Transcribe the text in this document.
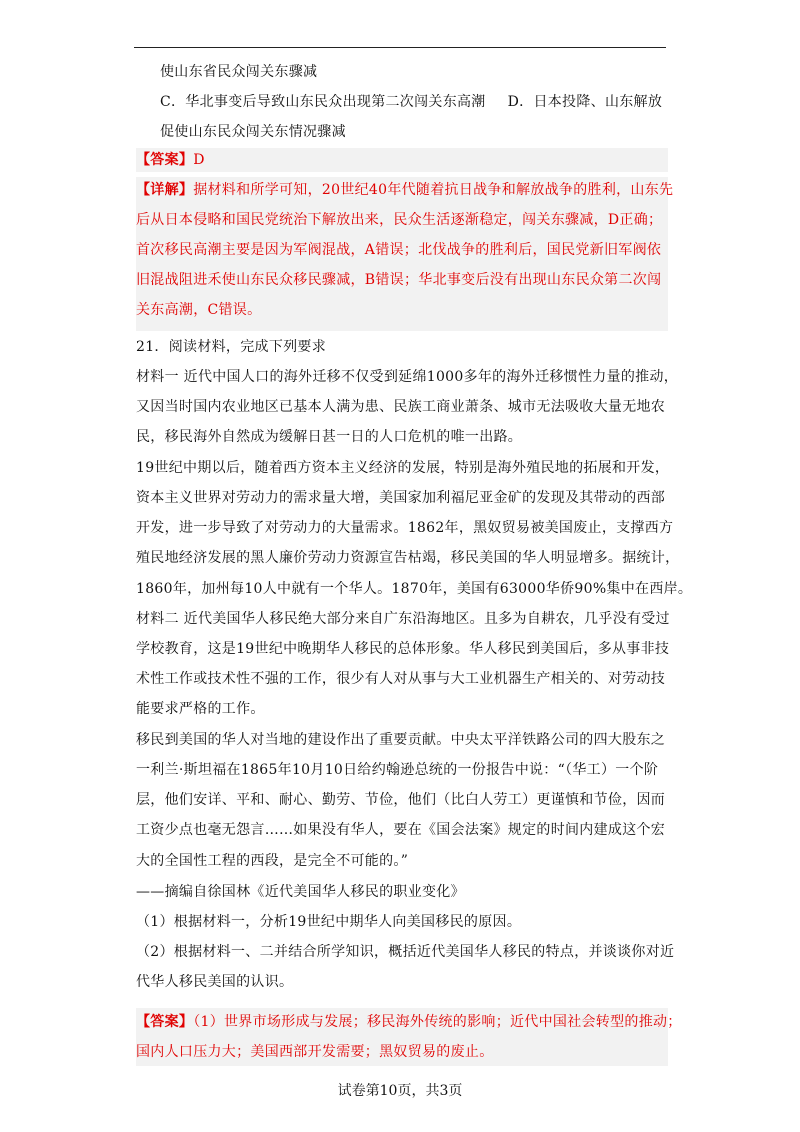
使山东省民众闯关东骤减
C．华北事变后导致山东民众出现第二次闯关东高潮 D．日本投降、山东解放
促使山东民众闯关东情况骤减
【答案】D
【详解】据材料和所学可知，20世纪40年代随着抗日战争和解放战争的胜利，山东先
后从日本侵略和国民党统治下解放出来，民众生活逐渐稳定，闯关东骤减，D正确；
首次移民高潮主要是因为军阀混战，A错误；北伐战争的胜利后，国民党新旧军阀依
旧混战阻进禾使山东民众移民骤减，B错误；华北事变后没有出现山东民众第二次闯
关东高潮，C错误。
21．阅读材料，完成下列要求
材料一 近代中国人口的海外迁移不仅受到延绵1000多年的海外迁移惯性力量的推动，
又因当时国内农业地区已基本人满为患、民族工商业萧条、城市无法吸收大量无地农
民，移民海外自然成为缓解日甚一日的人口危机的唯一出路。
19世纪中期以后，随着西方资本主义经济的发展，特别是海外殖民地的拓展和开发，
资本主义世界对劳动力的需求量大增，美国家加利福尼亚金矿的发现及其带动的西部
开发，进一步导致了对劳动力的大量需求。1862年，黑奴贸易被美国废止，支撑西方
殖民地经济发展的黑人廉价劳动力资源宣告枯竭，移民美国的华人明显增多。据统计，
1860年，加州每10人中就有一个华人。1870年，美国有63000华侨90%集中在西岸。
材料二 近代美国华人移民绝大部分来自广东沿海地区。且多为自耕农，几乎没有受过
学校教育，这是19世纪中晚期华人移民的总体形象。华人移民到美国后，多从事非技
术性工作或技术性不强的工作，很少有人对从事与大工业机器生产相关的、对劳动技
能要求严格的工作。
移民到美国的华人对当地的建设作出了重要贡献。中央太平洋铁路公司的四大股东之
一利兰·斯坦福在1865年10月10日给约翰逊总统的一份报告中说：“（华工）一个阶
层，他们安详、平和、耐心、勤劳、节俭，他们（比白人劳工）更谨慎和节俭，因而
工资少点也毫无怨言……如果没有华人，要在《国会法案》规定的时间内建成这个宏
大的全国性工程的西段，是完全不可能的。”
——摘编自徐国林《近代美国华人移民的职业变化》
（1）根据材料一，分析19世纪中期华人向美国移民的原因。
（2）根据材料一、二并结合所学知识，概括近代美国华人移民的特点，并谈谈你对近
代华人移民美国的认识。
【答案】（1）世界市场形成与发展；移民海外传统的影响；近代中国社会转型的推动；
国内人口压力大；美国西部开发需要；黑奴贸易的废止。
试卷第10页，共3页
